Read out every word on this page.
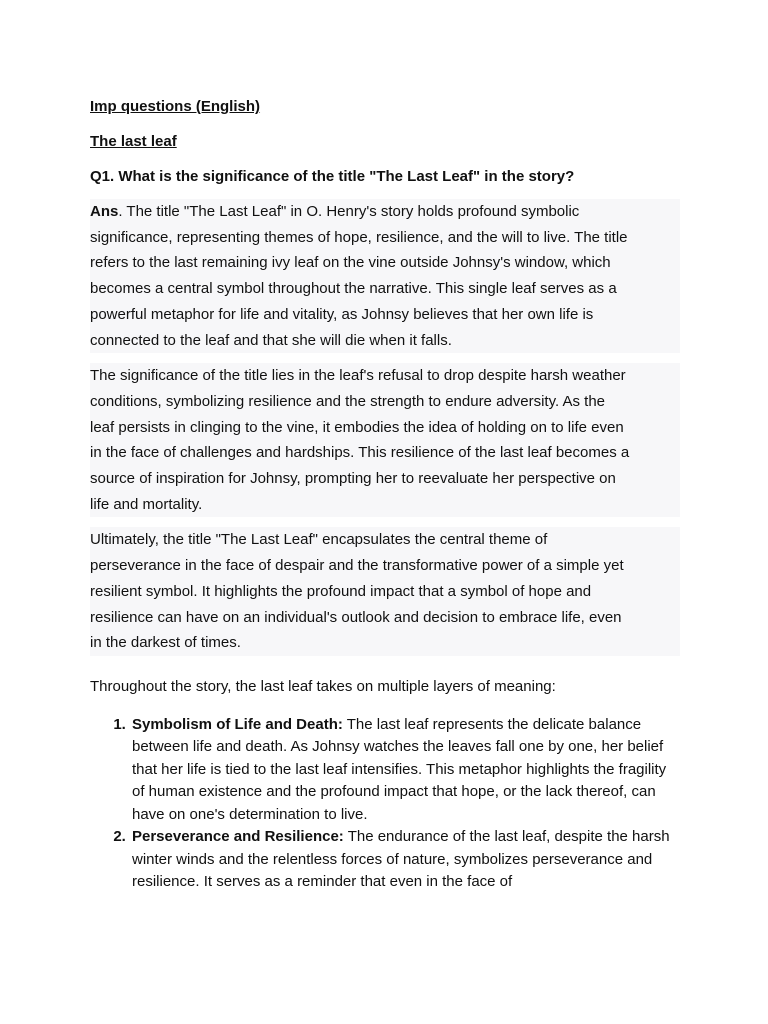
Imp questions (English)
The last leaf
Q1. What is the significance of the title "The Last Leaf" in the story?
Ans. The title "The Last Leaf" in O. Henry's story holds profound symbolic
significance, representing themes of hope, resilience, and the will to live. The title
refers to the last remaining ivy leaf on the vine outside Johnsy's window, which
becomes a central symbol throughout the narrative. This single leaf serves as a
powerful metaphor for life and vitality, as Johnsy believes that her own life is
connected to the leaf and that she will die when it falls.
The significance of the title lies in the leaf's refusal to drop despite harsh weather
conditions, symbolizing resilience and the strength to endure adversity. As the
leaf persists in clinging to the vine, it embodies the idea of holding on to life even
in the face of challenges and hardships. This resilience of the last leaf becomes a
source of inspiration for Johnsy, prompting her to reevaluate her perspective on
life and mortality.
Ultimately, the title "The Last Leaf" encapsulates the central theme of
perseverance in the face of despair and the transformative power of a simple yet
resilient symbol. It highlights the profound impact that a symbol of hope and
resilience can have on an individual's outlook and decision to embrace life, even
in the darkest of times.
Throughout the story, the last leaf takes on multiple layers of meaning:
1. Symbolism of Life and Death: The last leaf represents the delicate balance between life and death. As Johnsy watches the leaves fall one by one, her belief that her life is tied to the last leaf intensifies. This metaphor highlights the fragility of human existence and the profound impact that hope, or the lack thereof, can have on one's determination to live.
2. Perseverance and Resilience: The endurance of the last leaf, despite the harsh winter winds and the relentless forces of nature, symbolizes perseverance and resilience. It serves as a reminder that even in the face of
